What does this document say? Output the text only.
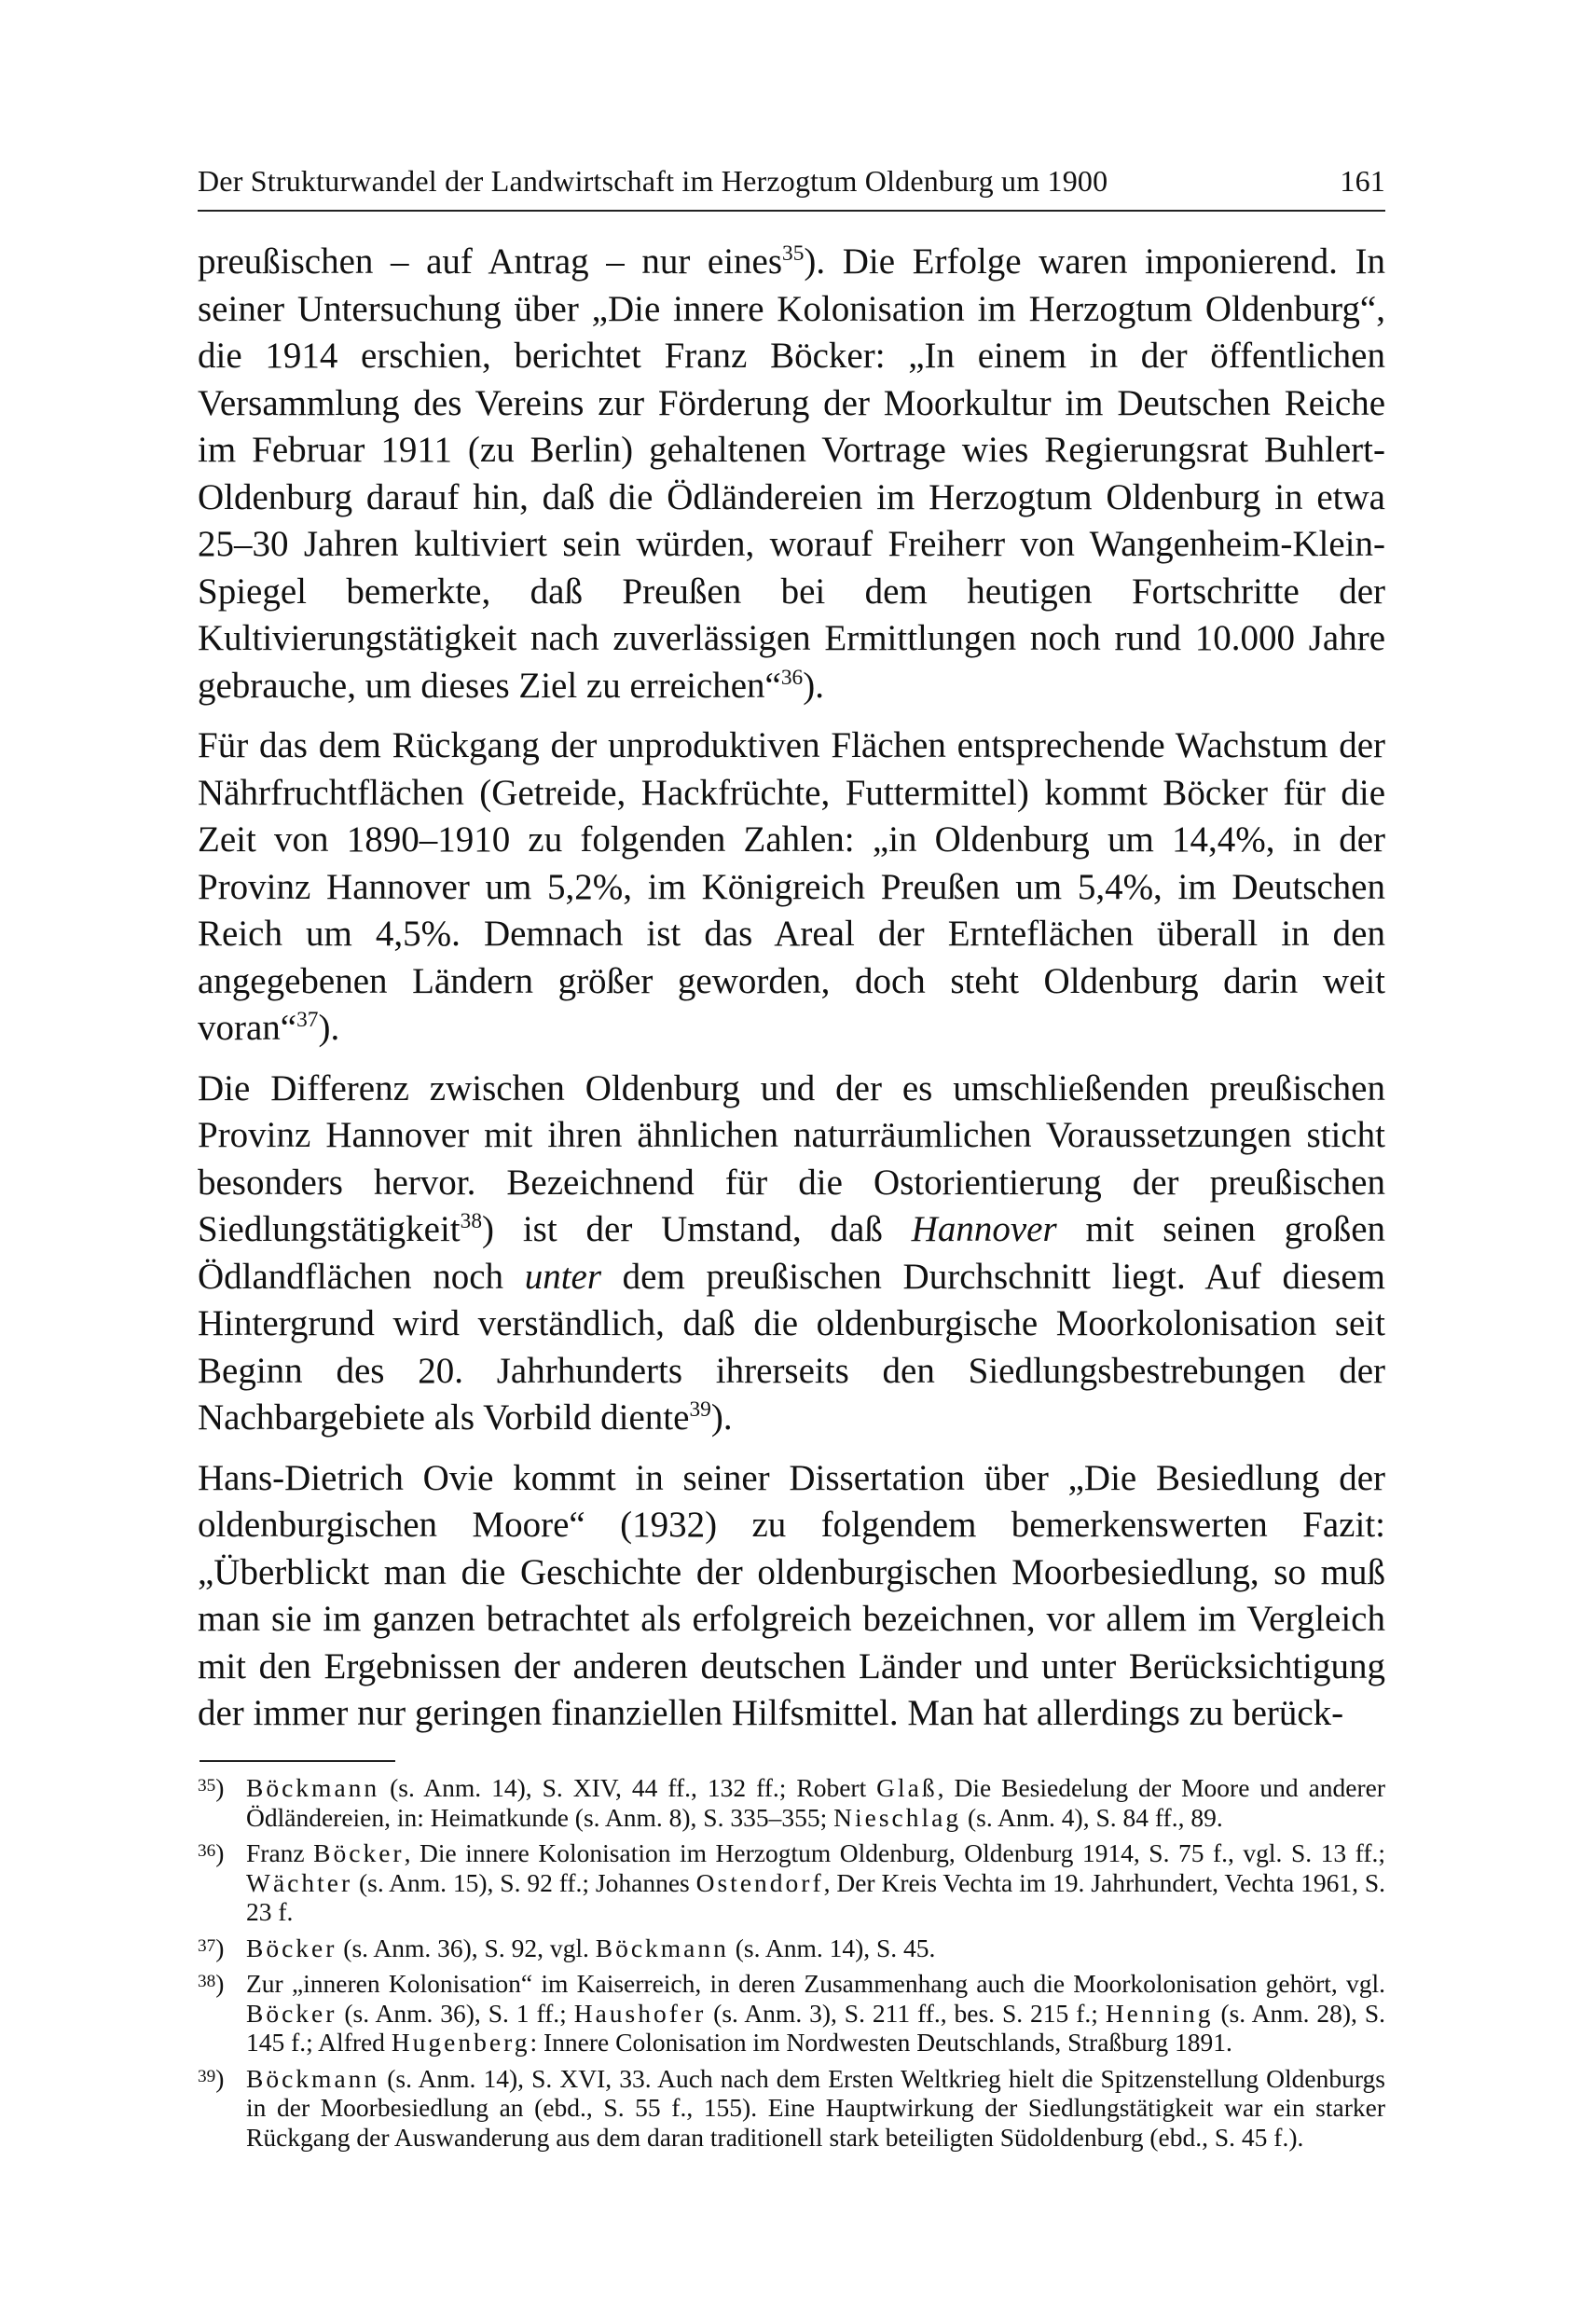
Der Strukturwandel der Landwirtschaft im Herzogtum Oldenburg um 1900	161

preußischen – auf Antrag – nur eines$^{35}$). Die Erfolge waren imponierend. In seiner Untersuchung über „Die innere Kolonisation im Herzogtum Oldenburg“, die 1914 erschien, berichtet Franz Böcker: „In einem in der öffentlichen Versammlung des Vereins zur Förderung der Moorkultur im Deutschen Reiche im Februar 1911 (zu Berlin) gehaltenen Vortrage wies Regierungsrat Buhlert-Oldenburg darauf hin, daß die Ödländereien im Herzogtum Oldenburg in etwa 25–30 Jahren kultiviert sein würden, worauf Freiherr von Wangenheim-Klein-Spiegel bemerkte, daß Preußen bei dem heutigen Fortschritte der Kultivierungstätigkeit nach zuverlässigen Ermittlungen noch rund 10.000 Jahre gebrauche, um dieses Ziel zu erreichen“$^{36}$).

Für das dem Rückgang der unproduktiven Flächen entsprechende Wachstum der Nährfruchtflächen (Getreide, Hackfrüchte, Futtermittel) kommt Böcker für die Zeit von 1890–1910 zu folgenden Zahlen: „in Oldenburg um 14,4%, in der Provinz Hannover um 5,2%, im Königreich Preußen um 5,4%, im Deutschen Reich um 4,5%. Demnach ist das Areal der Ernteflächen überall in den angegebenen Ländern größer geworden, doch steht Oldenburg darin weit voran“$^{37}$).

Die Differenz zwischen Oldenburg und der es umschließenden preußischen Provinz Hannover mit ihren ähnlichen naturräumlichen Voraussetzungen sticht besonders hervor. Bezeichnend für die Ostorientierung der preußischen Siedlungstätigkeit$^{38}$) ist der Umstand, daß Hannover mit seinen großen Ödlandflächen noch unter dem preußischen Durchschnitt liegt. Auf diesem Hintergrund wird verständlich, daß die oldenburgische Moorkolonisation seit Beginn des 20. Jahrhunderts ihrerseits den Siedlungsbestrebungen der Nachbargebiete als Vorbild diente$^{39}$).

Hans-Dietrich Ovie kommt in seiner Dissertation über „Die Besiedlung der oldenburgischen Moore“ (1932) zu folgendem bemerkenswerten Fazit: „Überblickt man die Geschichte der oldenburgischen Moorbesiedlung, so muß man sie im ganzen betrachtet als erfolgreich bezeichnen, vor allem im Vergleich mit den Ergebnissen der anderen deutschen Länder und unter Berücksichtigung der immer nur geringen finanziellen Hilfsmittel. Man hat allerdings zu berück-

$^{35}$) Böckmann (s. Anm. 14), S. XIV, 44 ff., 132 ff.; Robert Glaß, Die Besiedelung der Moore und anderer Ödländereien, in: Heimatkunde (s. Anm. 8), S. 335–355; Nieschlag (s. Anm. 4), S. 84 ff., 89.
$^{36}$) Franz Böcker, Die innere Kolonisation im Herzogtum Oldenburg, Oldenburg 1914, S. 75 f., vgl. S. 13 ff.; Wächter (s. Anm. 15), S. 92 ff.; Johannes Ostendorf, Der Kreis Vechta im 19. Jahrhundert, Vechta 1961, S. 23 f.
$^{37}$) Böcker (s. Anm. 36), S. 92, vgl. Böckmann (s. Anm. 14), S. 45.
$^{38}$) Zur „inneren Kolonisation“ im Kaiserreich, in deren Zusammenhang auch die Moorkolonisation gehört, vgl. Böcker (s. Anm. 36), S. 1 ff.; Haushofer (s. Anm. 3), S. 211 ff., bes. S. 215 f.; Henning (s. Anm. 28), S. 145 f.; Alfred Hugenberg: Innere Colonisation im Nordwesten Deutschlands, Straßburg 1891.
$^{39}$) Böckmann (s. Anm. 14), S. XVI, 33. Auch nach dem Ersten Weltkrieg hielt die Spitzenstellung Oldenburgs in der Moorbesiedlung an (ebd., S. 55 f., 155). Eine Hauptwirkung der Siedlungstätigkeit war ein starker Rückgang der Auswanderung aus dem daran traditionell stark beteiligten Südoldenburg (ebd., S. 45 f.).
